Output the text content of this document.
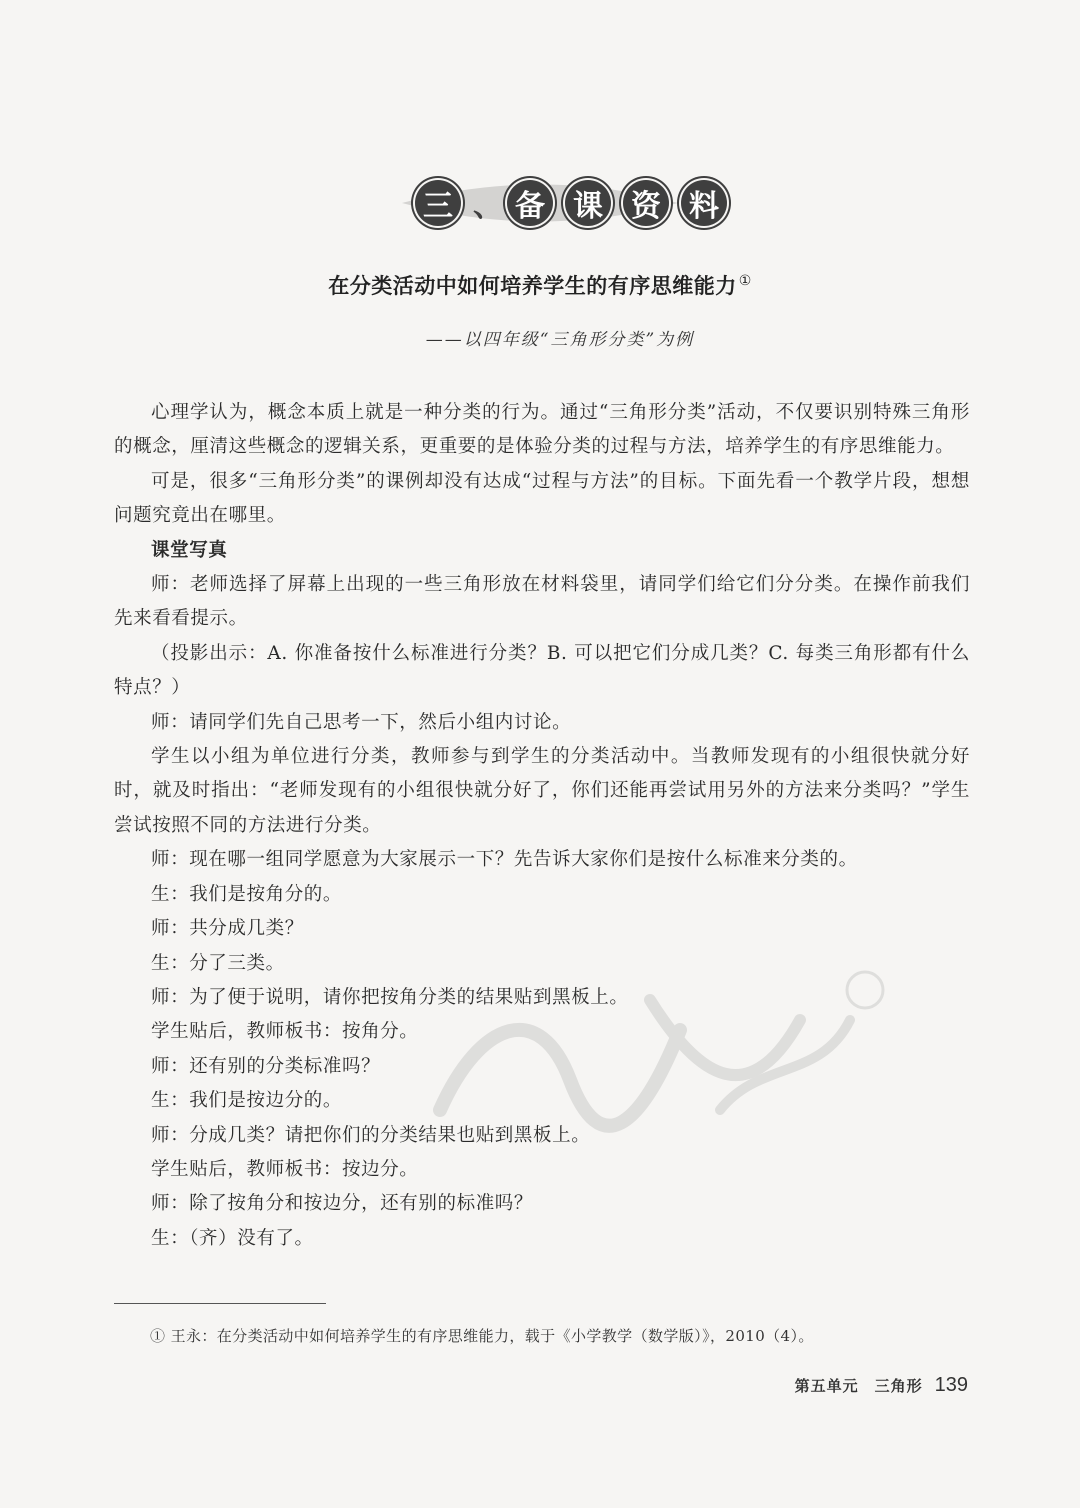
三 、 备 课 资 料
在分类活动中如何培养学生的有序思维能力 ①
——以四年级“三角形分类”为例

心理学认为，概念本质上就是一种分类的行为。通过“三角形分类”活动，不仅要识别特殊三角形的概念，厘清这些概念的逻辑关系，更重要的是体验分类的过程与方法，培养学生的有序思维能力。

可是，很多“三角形分类”的课例却没有达成“过程与方法”的目标。下面先看一个教学片段，想想问题究竟出在哪里。

课堂写真

师：老师选择了屏幕上出现的一些三角形放在材料袋里，请同学们给它们分分类。在操作前我们先来看看提示。

（投影出示：A. 你准备按什么标准进行分类？B. 可以把它们分成几类？C. 每类三角形都有什么特点？）

师：请同学们先自己思考一下，然后小组内讨论。

学生以小组为单位进行分类，教师参与到学生的分类活动中。当教师发现有的小组很快就分好时，就及时指出：“老师发现有的小组很快就分好了，你们还能再尝试用另外的方法来分类吗？”学生尝试按照不同的方法进行分类。

师：现在哪一组同学愿意为大家展示一下？先告诉大家你们是按什么标准来分类的。

生：我们是按角分的。

师：共分成几类？

生：分了三类。

师：为了便于说明，请你把按角分类的结果贴到黑板上。

学生贴后，教师板书：按角分。

师：还有别的分类标准吗？

生：我们是按边分的。

师：分成几类？请把你们的分类结果也贴到黑板上。

学生贴后，教师板书：按边分。

师：除了按角分和按边分，还有别的标准吗？

生：（齐）没有了。

① 王永：在分类活动中如何培养学生的有序思维能力，载于《小学教学（数学版）》，2010（4）。
第五单元　三角形 139
